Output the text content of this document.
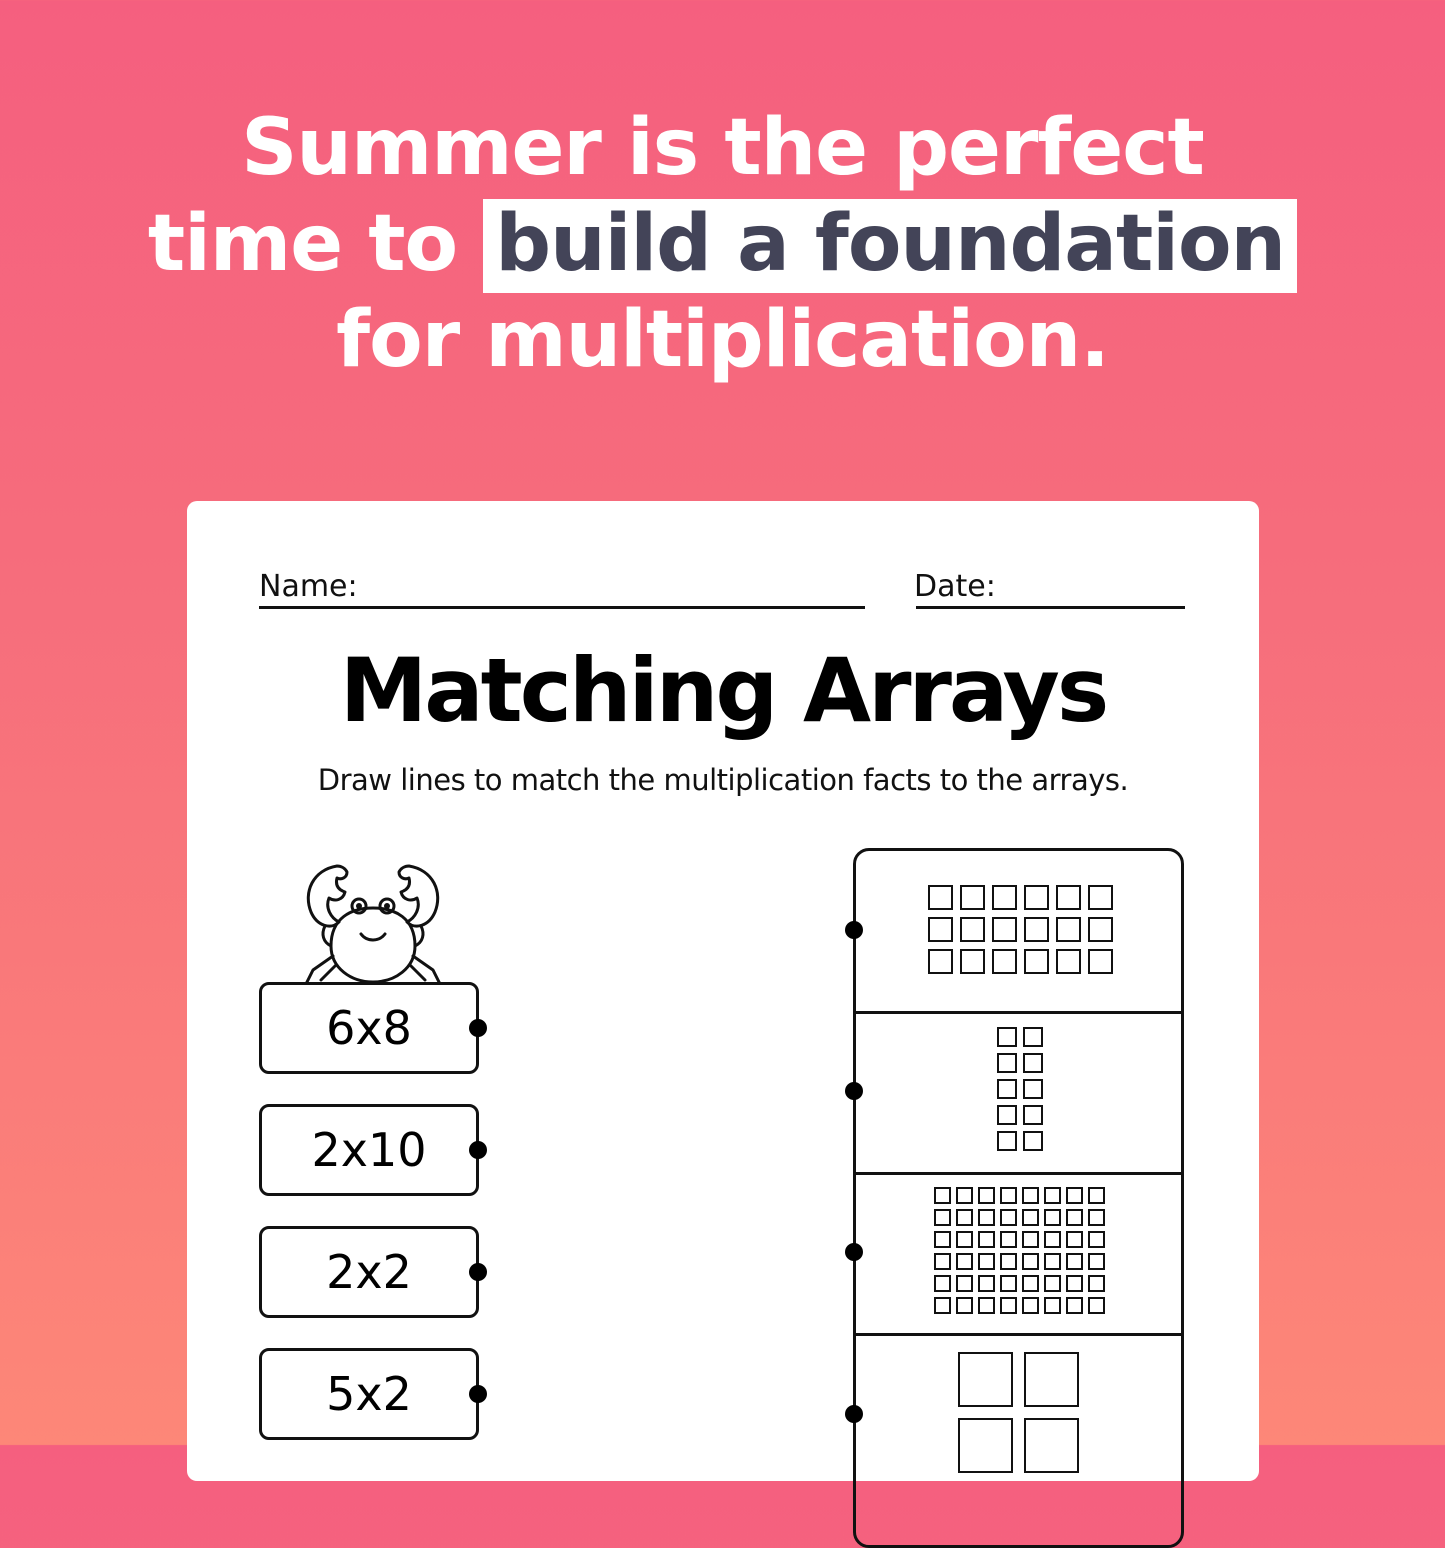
Summer is the perfect
time to build a foundation
for multiplication.
Name:	Date:
Matching Arrays
Draw lines to match the multiplication facts to the arrays.
6x8
2x10
2x2
5x2
